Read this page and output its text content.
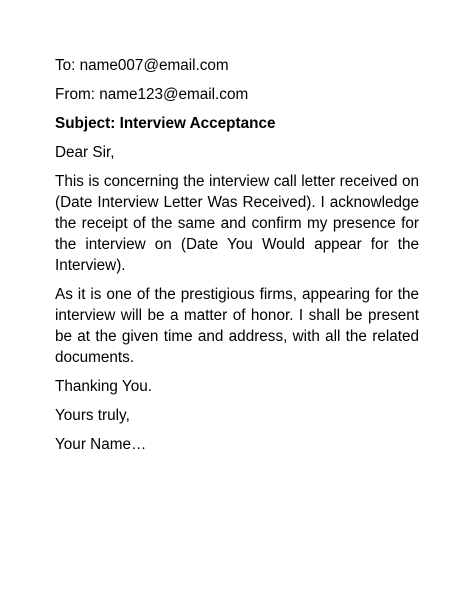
To: name007@email.com
From: name123@email.com
Subject: Interview Acceptance
Dear Sir,

This is concerning the interview call letter received on (Date Interview Letter Was Received). I acknowledge the receipt of the same and confirm my presence for the interview on (Date You Would appear for the Interview).

As it is one of the prestigious firms, appearing for the interview will be a matter of honor. I shall be present be at the given time and address, with all the related documents.

Thanking You.
Yours truly,
Your Name…
